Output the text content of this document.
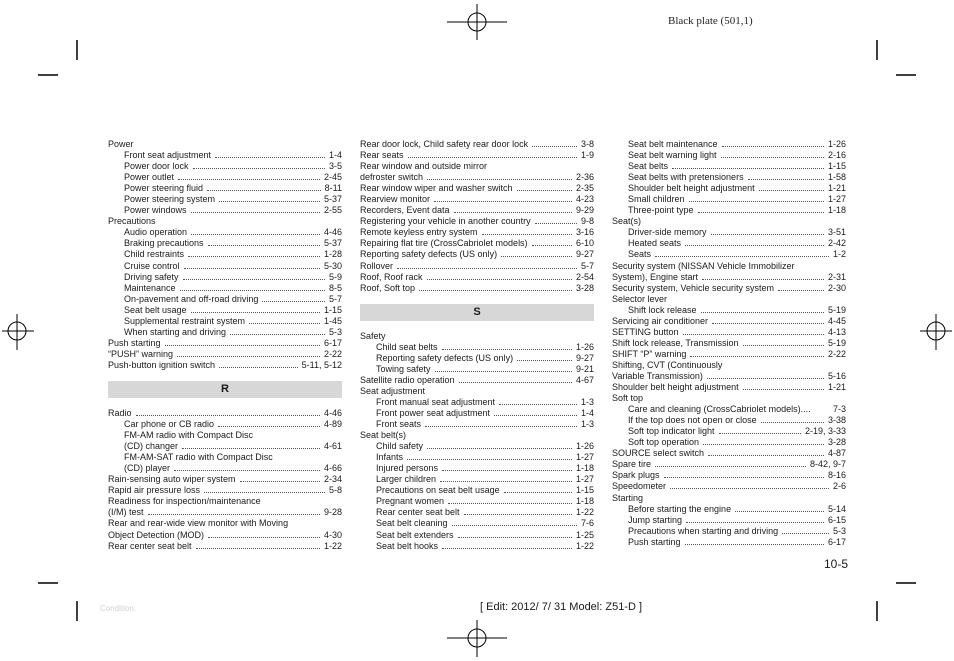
Black plate (501,1)
Power
Front seat adjustment	1-4
Power door lock	3-5
Power outlet	2-45
Power steering fluid	8-11
Power steering system	5-37
Power windows	2-55
Precautions
Audio operation	4-46
Braking precautions	5-37
Child restraints	1-28
Cruise control	5-30
Driving safety	5-9
Maintenance	8-5
On-pavement and off-road driving	5-7
Seat belt usage	1-15
Supplemental restraint system	1-45
When starting and driving	5-3
Push starting	6-17
“PUSH” warning	2-22
Push-button ignition switch	5-11, 5-12
R
Radio	4-46
Car phone or CB radio	4-89
FM-AM radio with Compact Disc
(CD) changer	4-61
FM-AM-SAT radio with Compact Disc
(CD) player	4-66
Rain-sensing auto wiper system	2-34
Rapid air pressure loss	5-8
Readiness for inspection/maintenance
(I/M) test	9-28
Rear and rear-wide view monitor with Moving
Object Detection (MOD)	4-30
Rear center seat belt	1-22
Rear door lock, Child safety rear door lock	3-8
Rear seats	1-9
Rear window and outside mirror
defroster switch	2-36
Rear window wiper and washer switch	2-35
Rearview monitor	4-23
Recorders, Event data	9-29
Registering your vehicle in another country	9-8
Remote keyless entry system	3-16
Repairing flat tire (CrossCabriolet models)	6-10
Reporting safety defects (US only)	9-27
Rollover	5-7
Roof, Roof rack	2-54
Roof, Soft top	3-28
S
Safety
Child seat belts	1-26
Reporting safety defects (US only)	9-27
Towing safety	9-21
Satellite radio operation	4-67
Seat adjustment
Front manual seat adjustment	1-3
Front power seat adjustment	1-4
Front seats	1-3
Seat belt(s)
Child safety	1-26
Infants	1-27
Injured persons	1-18
Larger children	1-27
Precautions on seat belt usage	1-15
Pregnant women	1-18
Rear center seat belt	1-22
Seat belt cleaning	7-6
Seat belt extenders	1-25
Seat belt hooks	1-22
Seat belt maintenance	1-26
Seat belt warning light	2-16
Seat belts	1-15
Seat belts with pretensioners	1-58
Shoulder belt height adjustment	1-21
Small children	1-27
Three-point type	1-18
Seat(s)
Driver-side memory	3-51
Heated seats	2-42
Seats	1-2
Security system (NISSAN Vehicle Immobilizer
System), Engine start	2-31
Security system, Vehicle security system	2-30
Selector lever
Shift lock release	5-19
Servicing air conditioner	4-45
SETTING button	4-13
Shift lock release, Transmission	5-19
SHIFT “P” warning	2-22
Shifting, CVT (Continuously
Variable Transmission)	5-16
Shoulder belt height adjustment	1-21
Soft top
Care and cleaning (CrossCabriolet models).... 7-3
If the top does not open or close	3-38
Soft top indicator light	2-19, 3-33
Soft top operation	3-28
SOURCE select switch	4-87
Spare tire	8-42, 9-7
Spark plugs	8-16
Speedometer	2-6
Starting
Before starting the engine	5-14
Jump starting	6-15
Precautions when starting and driving	5-3
Push starting	6-17
10-5
Condition:	[ Edit: 2012/ 7/ 31 Model: Z51-D ]
